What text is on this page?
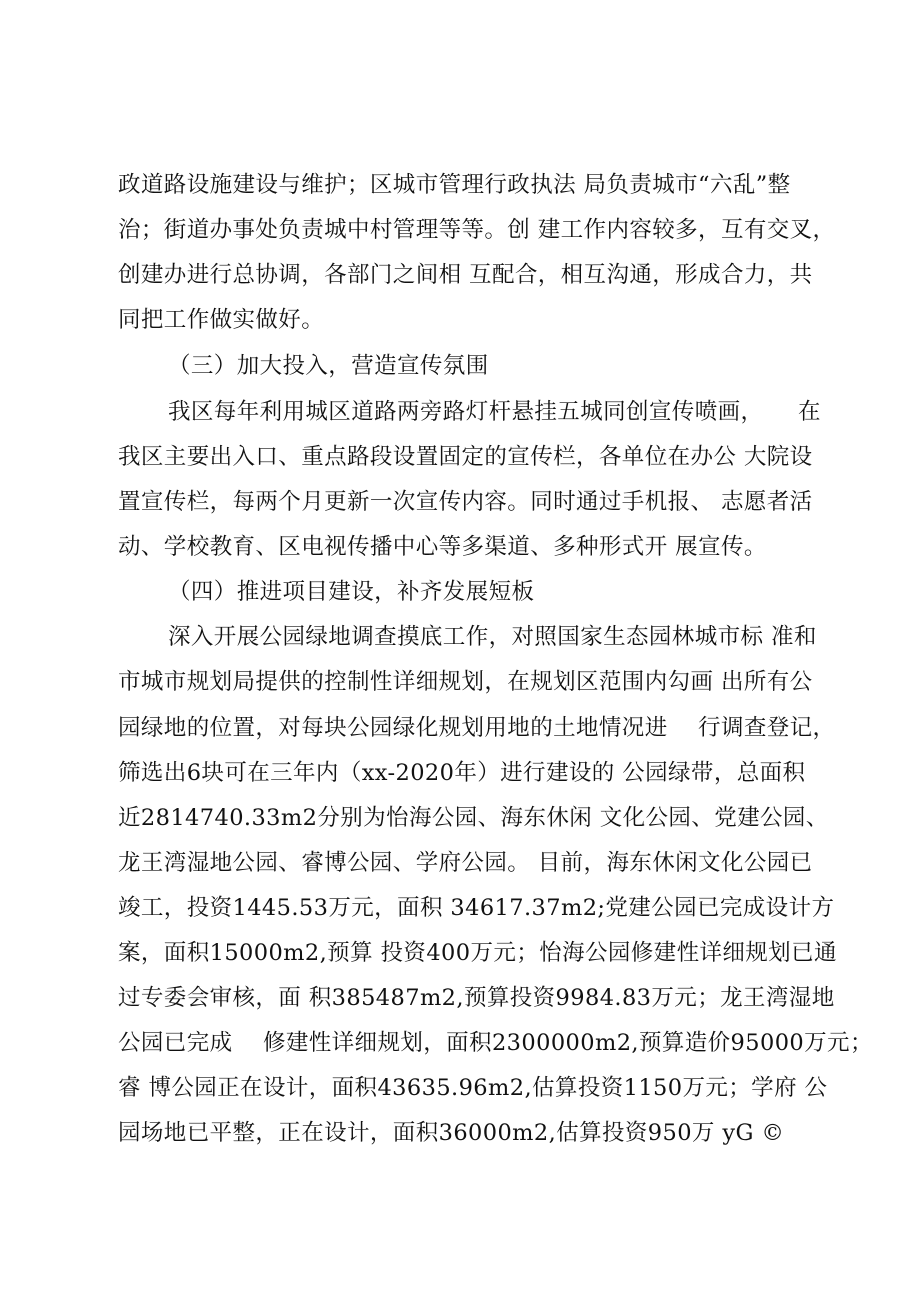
政道路设施建设与维护；区城市管理行政执法 局负责城市“六乱”整
治；街道办事处负责城中村管理等等。创 建工作内容较多，互有交叉，
创建办进行总协调，各部门之间相 互配合，相互沟通，形成合力，共
同把工作做实做好。
（三）加大投入，营造宣传氛围
我区每年利用城区道路两旁路灯杆悬挂五城同创宣传喷画，　　在
我区主要出入口、重点路段设置固定的宣传栏，各单位在办公 大院设
置宣传栏，每两个月更新一次宣传内容。同时通过手机报、 志愿者活
动、学校教育、区电视传播中心等多渠道、多种形式开 展宣传。
（四）推进项目建设，补齐发展短板
深入开展公园绿地调查摸底工作，对照国家生态园林城市标 准和
市城市规划局提供的控制性详细规划，在规划区范围内勾画 出所有公
园绿地的位置，对每块公园绿化规划用地的土地情况进　 行调查登记，
筛选出6块可在三年内（xx-2020年）进行建设的 公园绿带，总面积
近2814740.33m2分别为怡海公园、海东休闲 文化公园、党建公园、
龙王湾湿地公园、睿博公园、学府公园。 目前，海东休闲文化公园已
竣工，投资1445.53万元，面积 34617.37m2;党建公园已完成设计方
案，面积15000m2,预算 投资400万元；怡海公园修建性详细规划已通
过专委会审核，面 积385487m2,预算投资9984.83万元；龙王湾湿地
公园已完成　 修建性详细规划，面积2300000m2,预算造价95000万元；
睿 博公园正在设计，面积43635.96m2,估算投资1150万元；学府 公
园场地已平整，正在设计，面积36000m2,估算投资950万 yG ©
